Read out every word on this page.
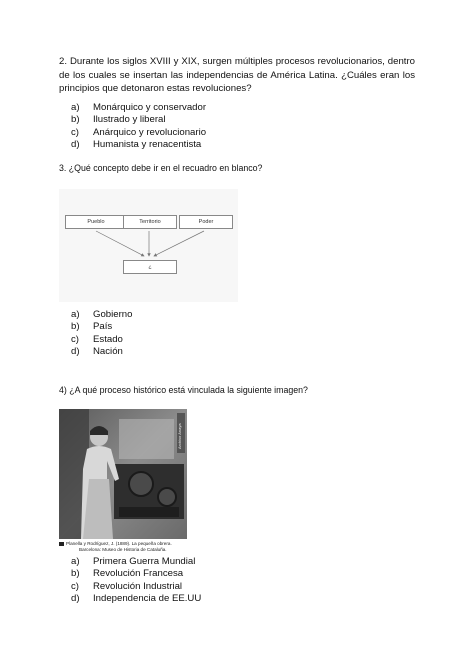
2. Durante los siglos XVIII y XIX, surgen múltiples procesos revolucionarios, dentro de los cuales se insertan las independencias de América Latina. ¿Cuáles eran los principios que detonaron estas revoluciones?
a)	Monárquico y conservador
b)	Ilustrado y liberal
c)	Anárquico y revolucionario
d)	Humanista y renacentista
3. ¿Qué concepto debe ir en el recuadro en blanco?
Pueblo	Territorio	Poder
¿
a)	Gobierno
b)	País
c)	Estado
d)	Nación
4) ¿A qué proceso histórico está vinculada la siguiente imagen?
Archivo Anaya
Planella y Rodríguez, J. (1889). La pequeña obrera.
Barcelona: Museo de Historia de Cataluña.
a)	Primera Guerra Mundial
b)	Revolución Francesa
c)	Revolución Industrial
d)	Independencia de EE.UU
